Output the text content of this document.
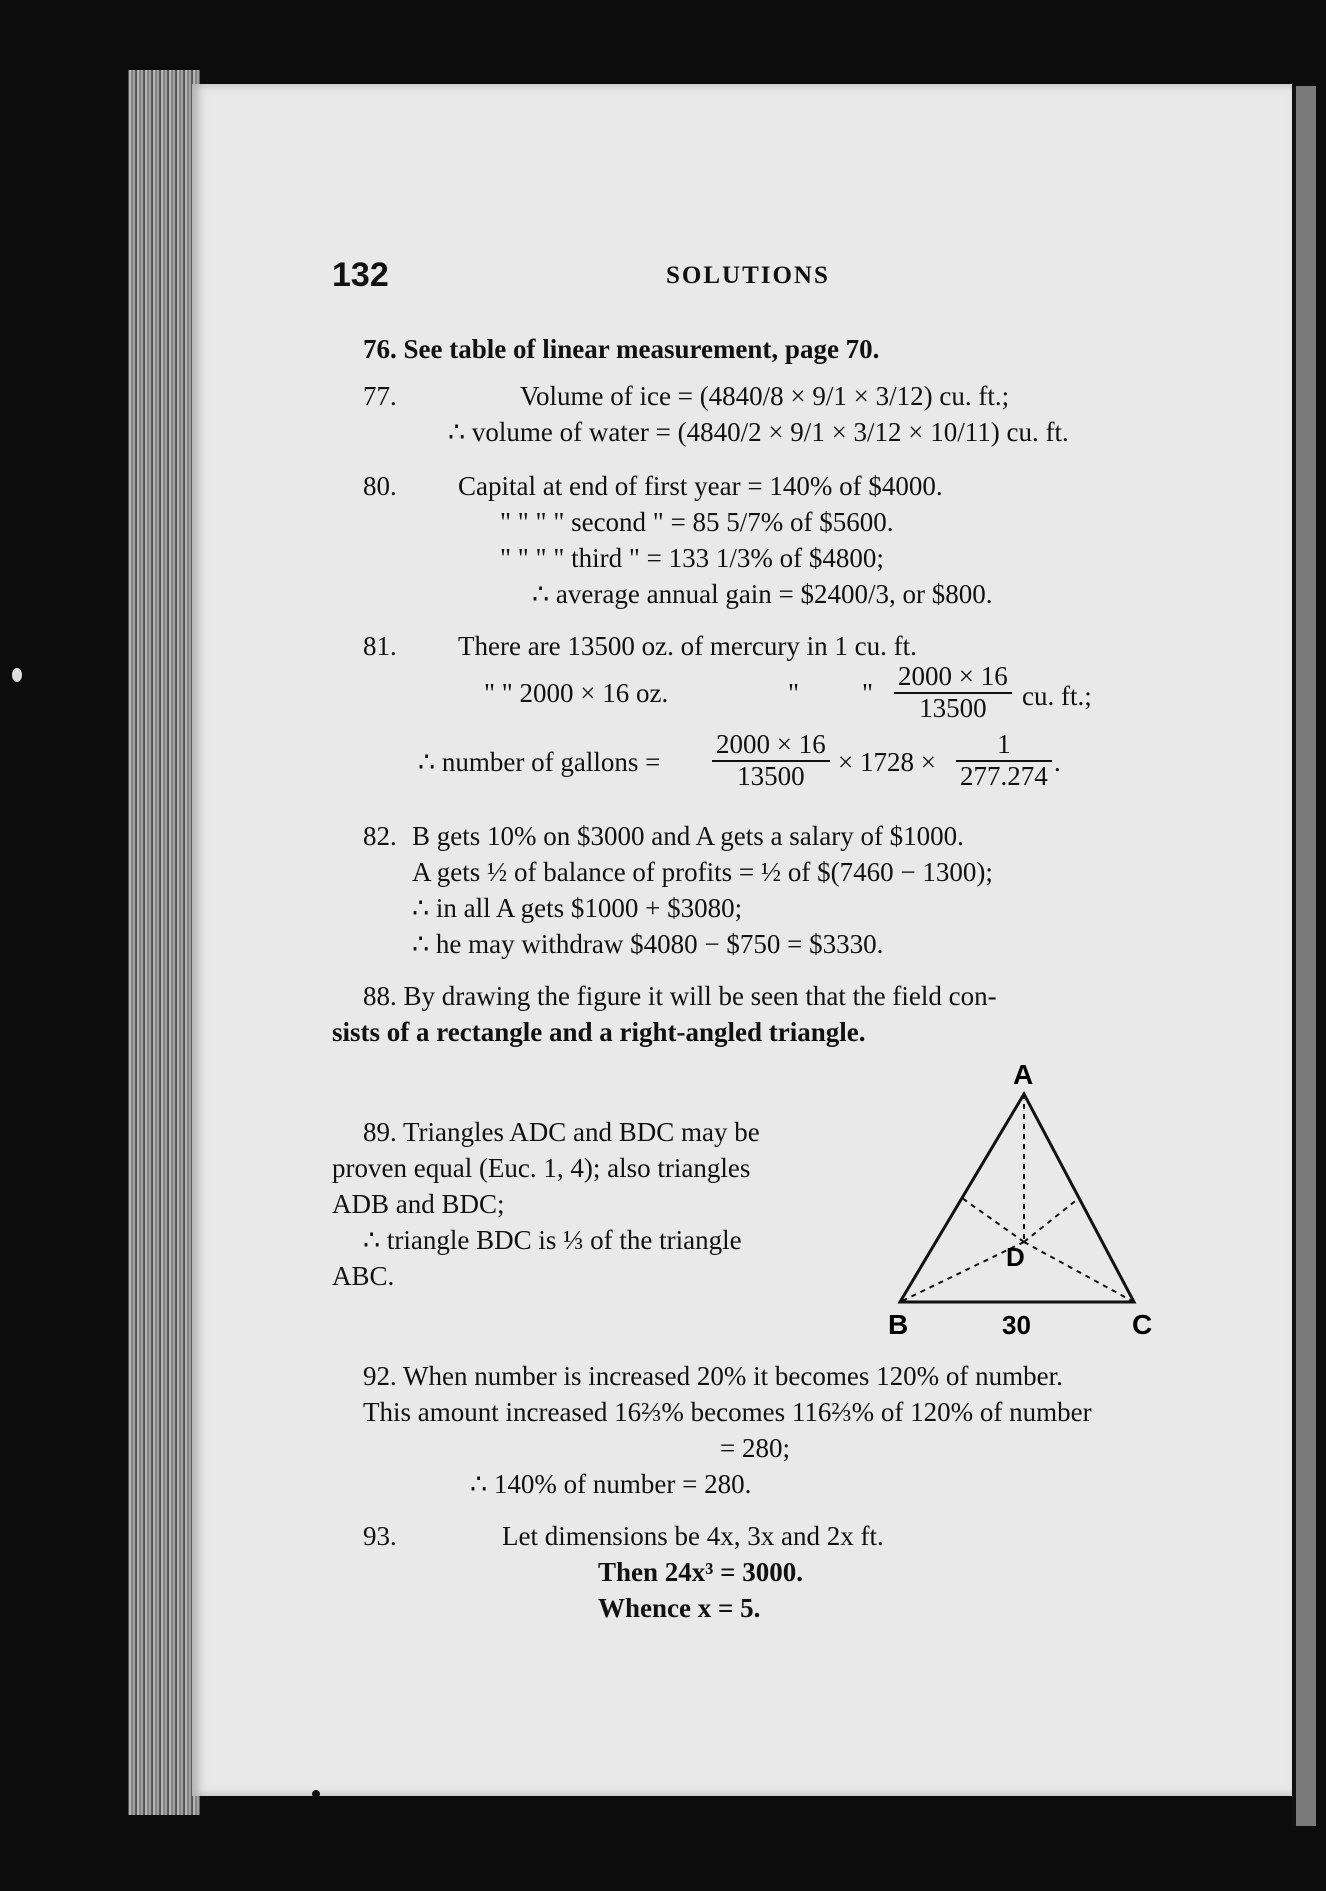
132	SOLUTIONS
76. See table of linear measurement, page 70.
77.	Volume of ice = (4840/8 × 9/1 × 3/12) cu. ft.;
∴ volume of water = (4840/2 × 9/1 × 3/12 × 10/11) cu. ft.
80. Capital at end of first year = 140% of $4000.
" " " " second " = 85 5/7% of $5600.
" " " " third " = 133 1/3% of $4800;
∴ average annual gain = $2400/3, or $800.
81. There are 13500 oz. of mercury in 1 cu. ft.
" " 2000 × 16 oz.	" " $\frac{2000 \times 16}{13500}$ cu. ft.;
∴ number of gallons = $\frac{2000 \times 16}{13500} \times 1728 \times \frac{1}{277.274}$ .
82. B gets 10% on $3000 and A gets a salary of $1000.
A gets ½ of balance of profits = ½ of $(7460 − 1300);
∴ in all A gets $1000 + $3080;
∴ he may withdraw $4080 − $750 = $3330.
88. By drawing the figure it will be seen that the field con-
sists of a rectangle and a right-angled triangle.
89. Triangles ADC and BDC may be
proven equal (Euc. 1, 4); also triangles
ADB and BDC;
∴ triangle BDC is ⅓ of the triangle
ABC.
A
D
B	30	C
92. When number is increased 20% it becomes 120% of number.
This amount increased 16⅔% becomes 116⅔% of 120% of number
= 280;
∴ 140% of number = 280.
93.	Let dimensions be 4x, 3x and 2x ft.
Then 24x³ = 3000.
Whence x = 5.
